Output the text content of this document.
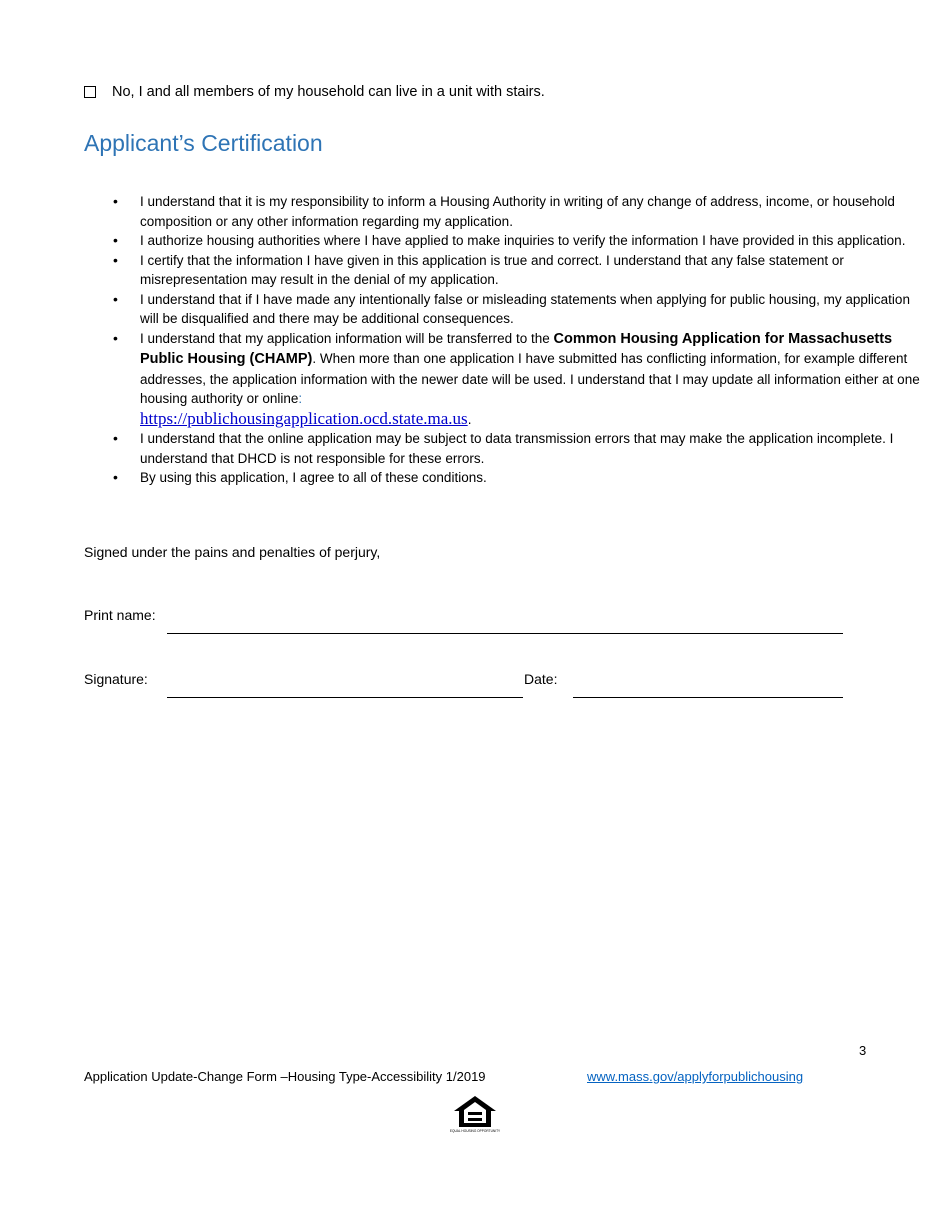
No, I and all members of my household can live in a unit with stairs.
Applicant’s Certification
• I understand that it is my responsibility to inform a Housing Authority in writing of any change of address, income, or household composition or any other information regarding my application.
• I authorize housing authorities where I have applied to make inquiries to verify the information I have provided in this application.
• I certify that the information I have given in this application is true and correct. I understand that any false statement or misrepresentation may result in the denial of my application.
• I understand that if I have made any intentionally false or misleading statements when applying for public housing, my application will be disqualified and there may be additional consequences.
• I understand that my application information will be transferred to the Common Housing Application for Massachusetts Public Housing (CHAMP). When more than one application I have submitted has conflicting information, for example different addresses, the application information with the newer date will be used. I understand that I may update all information either at one housing authority or online:
https://publichousingapplication.ocd.state.ma.us.
• I understand that the online application may be subject to data transmission errors that may make the application incomplete. I understand that DHCD is not responsible for these errors.
• By using this application, I agree to all of these conditions.
Signed under the pains and penalties of perjury,
Print name:
Signature:	Date:
3
Application Update-Change Form –Housing Type-Accessibility 1/2019	www.mass.gov/applyforpublichousing
EQUAL HOUSING OPPORTUNITY
